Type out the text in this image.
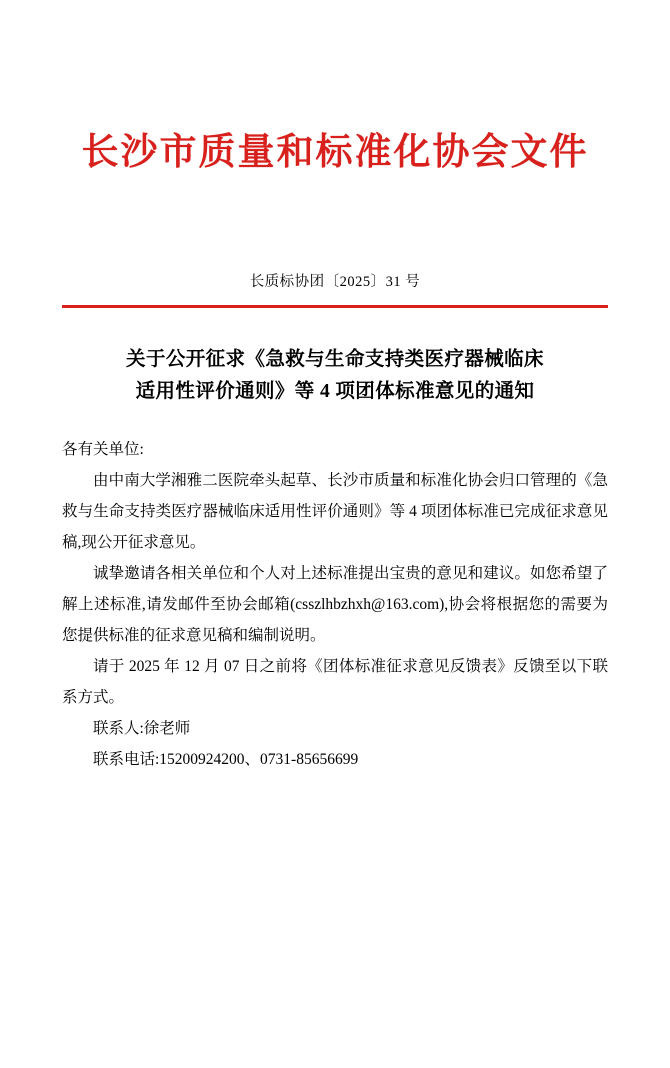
长沙市质量和标准化协会文件
长质标协团〔2025〕31 号
关于公开征求《急救与生命支持类医疗器械临床
适用性评价通则》等 4 项团体标准意见的通知

各有关单位:

由中南大学湘雅二医院牵头起草、长沙市质量和标准化协会归口管理的《急救与生命支持类医疗器械临床适用性评价通则》等 4 项团体标准已完成征求意见稿,现公开征求意见。

诚挚邀请各相关单位和个人对上述标准提出宝贵的意见和建议。如您希望了解上述标准,请发邮件至协会邮箱(csszlhbzhxh@163.com),协会将根据您的需要为您提供标准的征求意见稿和编制说明。

请于 2025 年 12 月 07 日之前将《团体标准征求意见反馈表》反馈至以下联系方式。

联系人:徐老师

联系电话:15200924200、0731-85656699
